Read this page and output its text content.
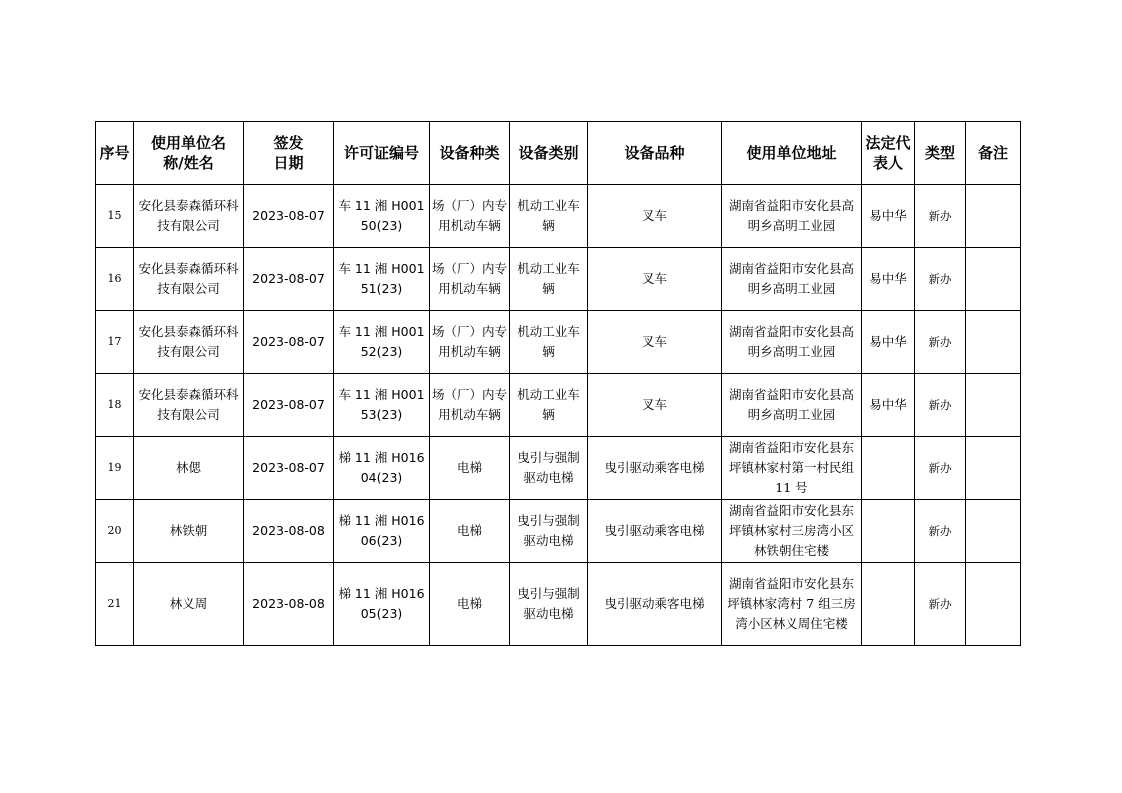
序号	使用单位名称/姓名	签发日期	许可证编号	设备种类	设备类别	设备品种	使用单位地址	法定代表人	类型	备注
15	安化县泰森循环科技有限公司	2023-08-07	车 11 湘 H00150(23)	场（厂）内专用机动车辆	机动工业车辆	叉车	湖南省益阳市安化县高明乡高明工业园	易中华	新办	
16	安化县泰森循环科技有限公司	2023-08-07	车 11 湘 H00151(23)	场（厂）内专用机动车辆	机动工业车辆	叉车	湖南省益阳市安化县高明乡高明工业园	易中华	新办	
17	安化县泰森循环科技有限公司	2023-08-07	车 11 湘 H00152(23)	场（厂）内专用机动车辆	机动工业车辆	叉车	湖南省益阳市安化县高明乡高明工业园	易中华	新办	
18	安化县泰森循环科技有限公司	2023-08-07	车 11 湘 H00153(23)	场（厂）内专用机动车辆	机动工业车辆	叉车	湖南省益阳市安化县高明乡高明工业园	易中华	新办	
19	林偲	2023-08-07	梯 11 湘 H01604(23)	电梯	曳引与强制驱动电梯	曳引驱动乘客电梯	湖南省益阳市安化县东坪镇林家村第一村民组 11 号		新办	
20	林铁朝	2023-08-08	梯 11 湘 H01606(23)	电梯	曳引与强制驱动电梯	曳引驱动乘客电梯	湖南省益阳市安化县东坪镇林家村三房湾小区林铁朝住宅楼		新办	
21	林义周	2023-08-08	梯 11 湘 H01605(23)	电梯	曳引与强制驱动电梯	曳引驱动乘客电梯	湖南省益阳市安化县东坪镇林家湾村 7 组三房湾小区林义周住宅楼		新办	
